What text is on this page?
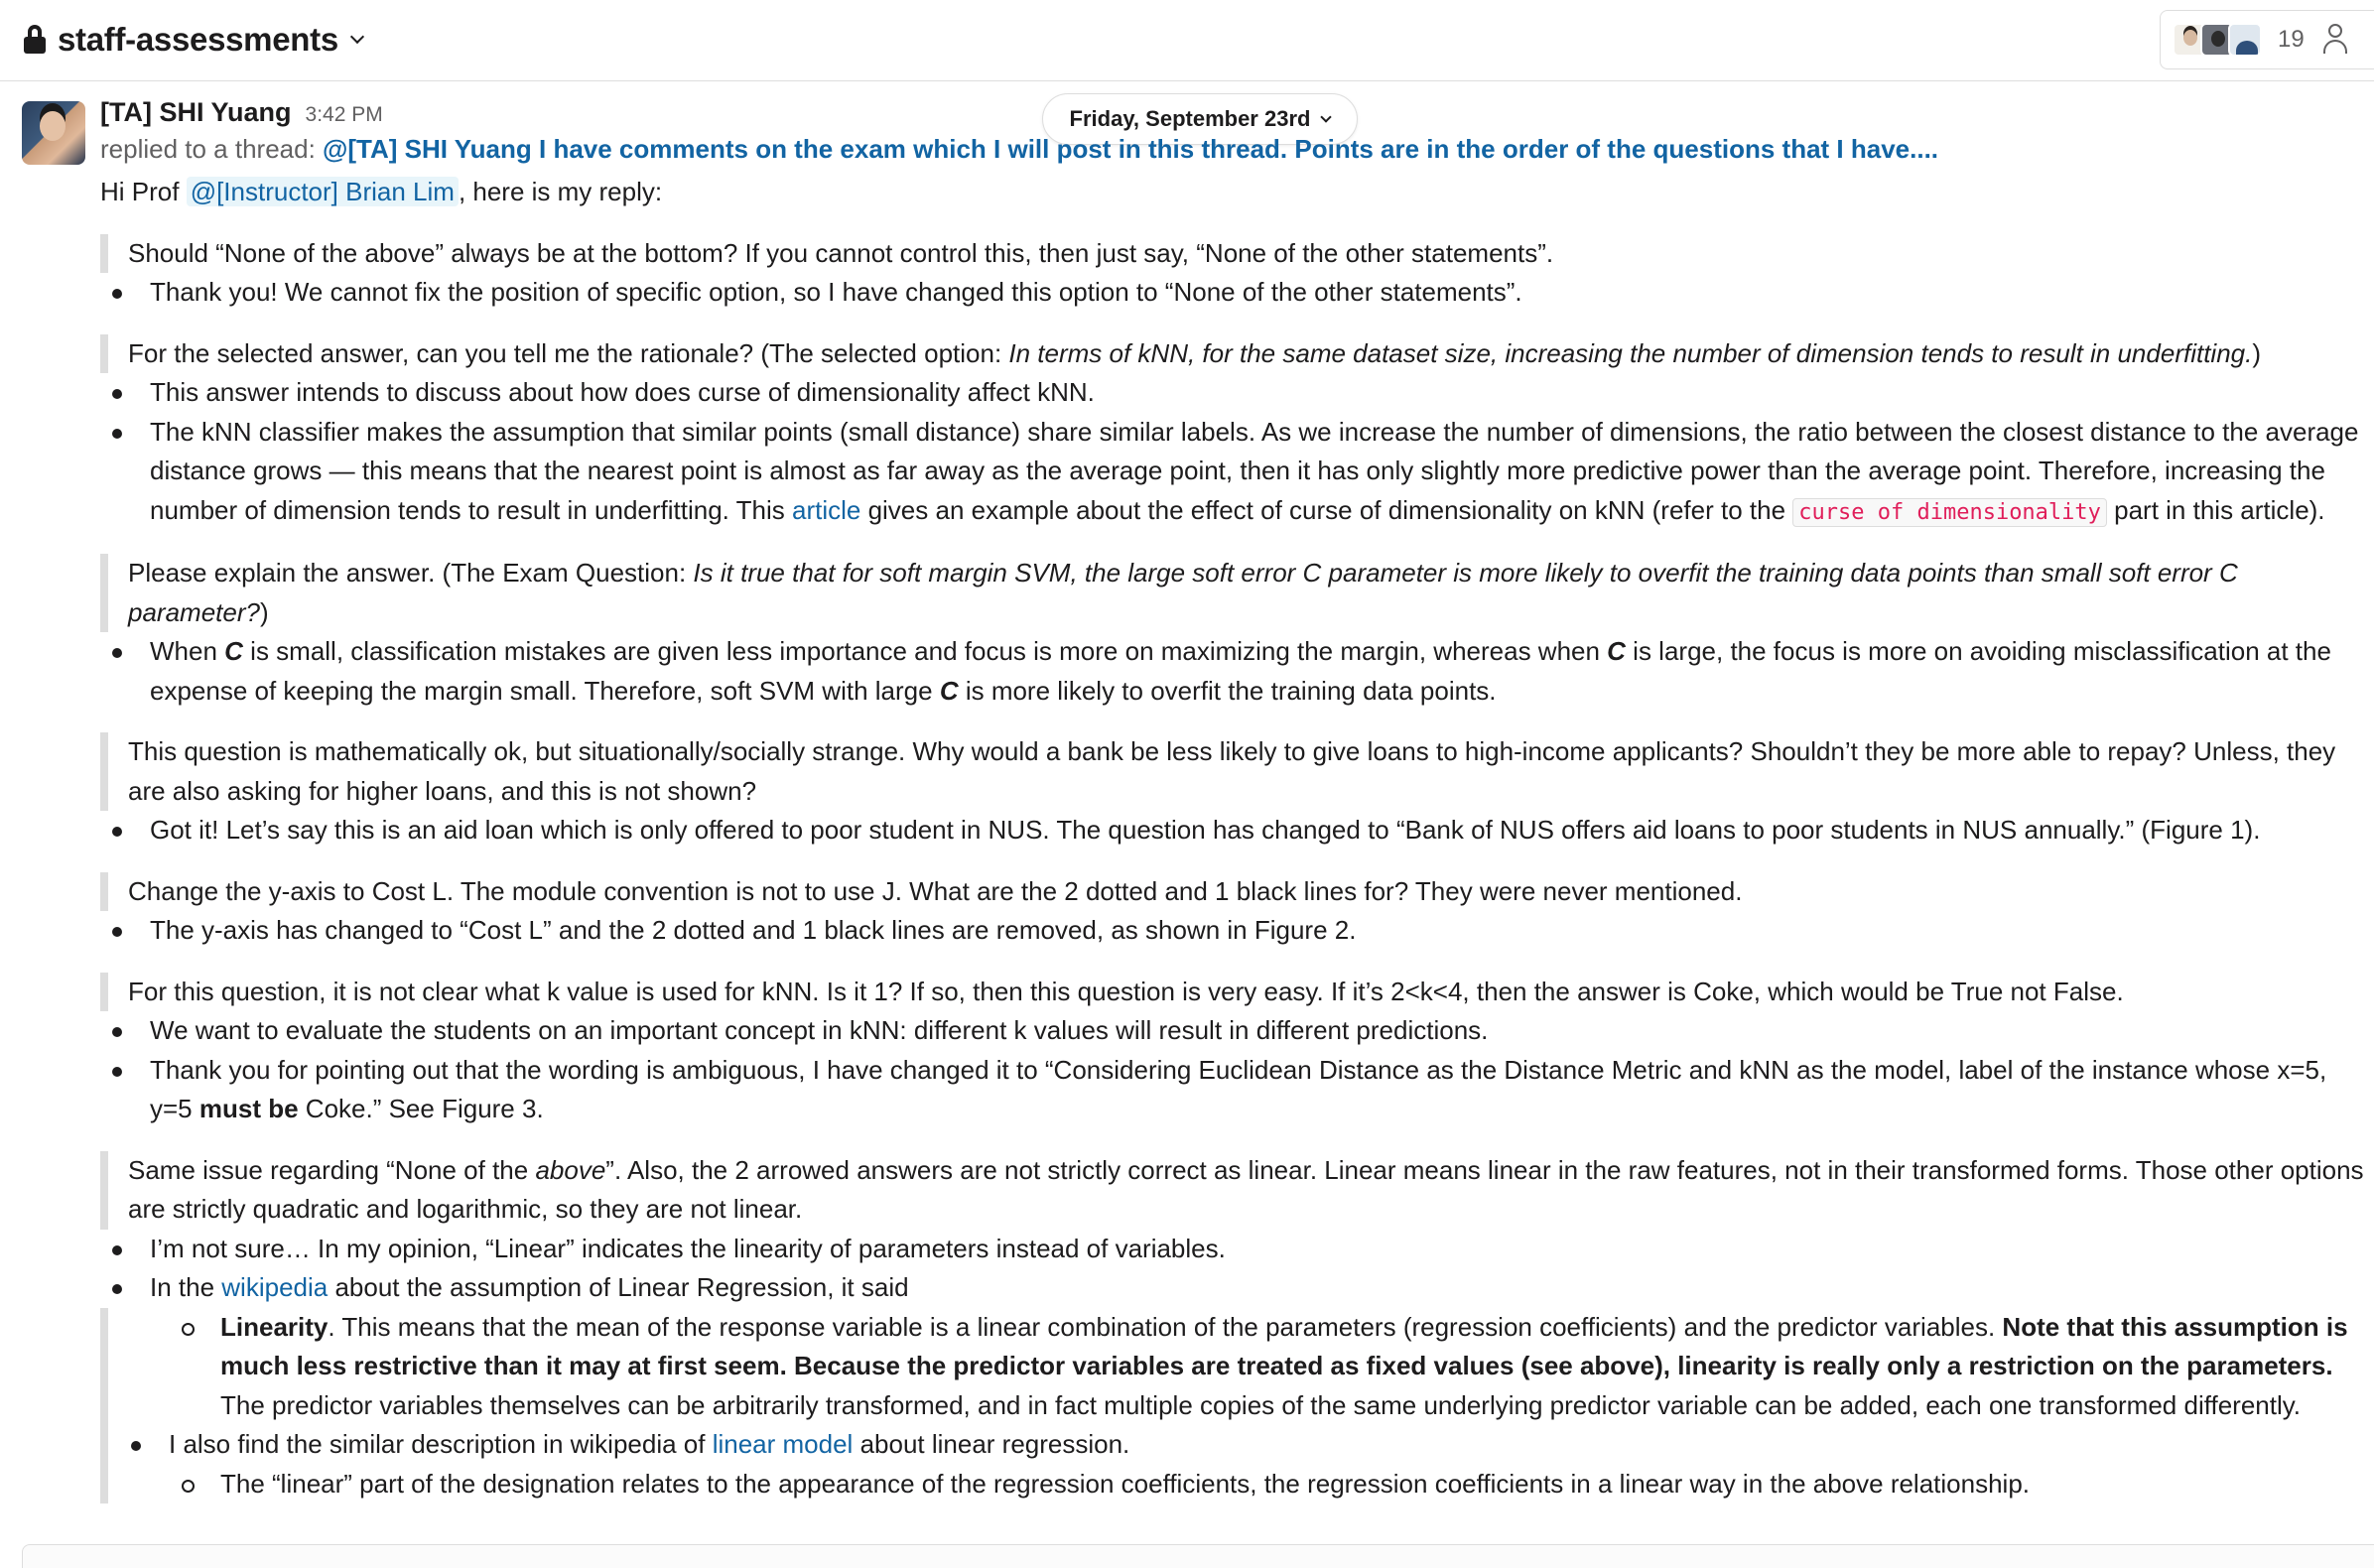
staff-assessments	19
[TA] SHI Yuang 3:42 PM	Friday, September 23rd
replied to a thread: @[TA] SHI Yuang I have comments on the exam which I will post in this thread. Points are in the order of the questions that I have....
Hi Prof @[Instructor] Brian Lim , here is my reply:
Should “None of the above” always be at the bottom? If you cannot control this, then just say, “None of the other statements”.
Thank you! We cannot fix the position of specific option, so I have changed this option to “None of the other statements”.
For the selected answer, can you tell me the rationale? (The selected option: In terms of kNN, for the same dataset size, increasing the number of dimension tends to result in underfitting.)
This answer intends to discuss about how does curse of dimensionality affect kNN.
The kNN classifier makes the assumption that similar points (small distance) share similar labels. As we increase the number of dimensions, the ratio between the closest distance to the average distance grows — this means that the nearest point is almost as far away as the average point, then it has only slightly more predictive power than the average point. Therefore, increasing the number of dimension tends to result in underfitting. This article gives an example about the effect of curse of dimensionality on kNN (refer to the curse of dimensionality part in this article).
Please explain the answer. (The Exam Question: Is it true that for soft margin SVM, the large soft error C parameter is more likely to overfit the training data points than small soft error C parameter?)
When C is small, classification mistakes are given less importance and focus is more on maximizing the margin, whereas when C is large, the focus is more on avoiding misclassification at the expense of keeping the margin small. Therefore, soft SVM with large C is more likely to overfit the training data points.
This question is mathematically ok, but situationally/socially strange. Why would a bank be less likely to give loans to high-income applicants? Shouldn’t they be more able to repay? Unless, they are also asking for higher loans, and this is not shown?
Got it! Let’s say this is an aid loan which is only offered to poor student in NUS. The question has changed to “Bank of NUS offers aid loans to poor students in NUS annually.” (Figure 1).
Change the y-axis to Cost L. The module convention is not to use J. What are the 2 dotted and 1 black lines for? They were never mentioned.
The y-axis has changed to “Cost L” and the 2 dotted and 1 black lines are removed, as shown in Figure 2.
For this question, it is not clear what k value is used for kNN. Is it 1? If so, then this question is very easy. If it’s 2<k<4, then the answer is Coke, which would be True not False.
We want to evaluate the students on an important concept in kNN: different k values will result in different predictions.
Thank you for pointing out that the wording is ambiguous, I have changed it to “Considering Euclidean Distance as the Distance Metric and kNN as the model, label of the instance whose x=5, y=5 must be Coke.” See Figure 3.
Same issue regarding “None of the above”. Also, the 2 arrowed answers are not strictly correct as linear. Linear means linear in the raw features, not in their transformed forms. Those other options are strictly quadratic and logarithmic, so they are not linear.
I’m not sure… In my opinion, “Linear” indicates the linearity of parameters instead of variables.
In the wikipedia about the assumption of Linear Regression, it said
Linearity. This means that the mean of the response variable is a linear combination of the parameters (regression coefficients) and the predictor variables. Note that this assumption is much less restrictive than it may at first seem. Because the predictor variables are treated as fixed values (see above), linearity is really only a restriction on the parameters. The predictor variables themselves can be arbitrarily transformed, and in fact multiple copies of the same underlying predictor variable can be added, each one transformed differently.
I also find the similar description in wikipedia of linear model about linear regression.
The “linear” part of the designation relates to the appearance of the regression coefficients, the regression coefficients in a linear way in the above relationship.
